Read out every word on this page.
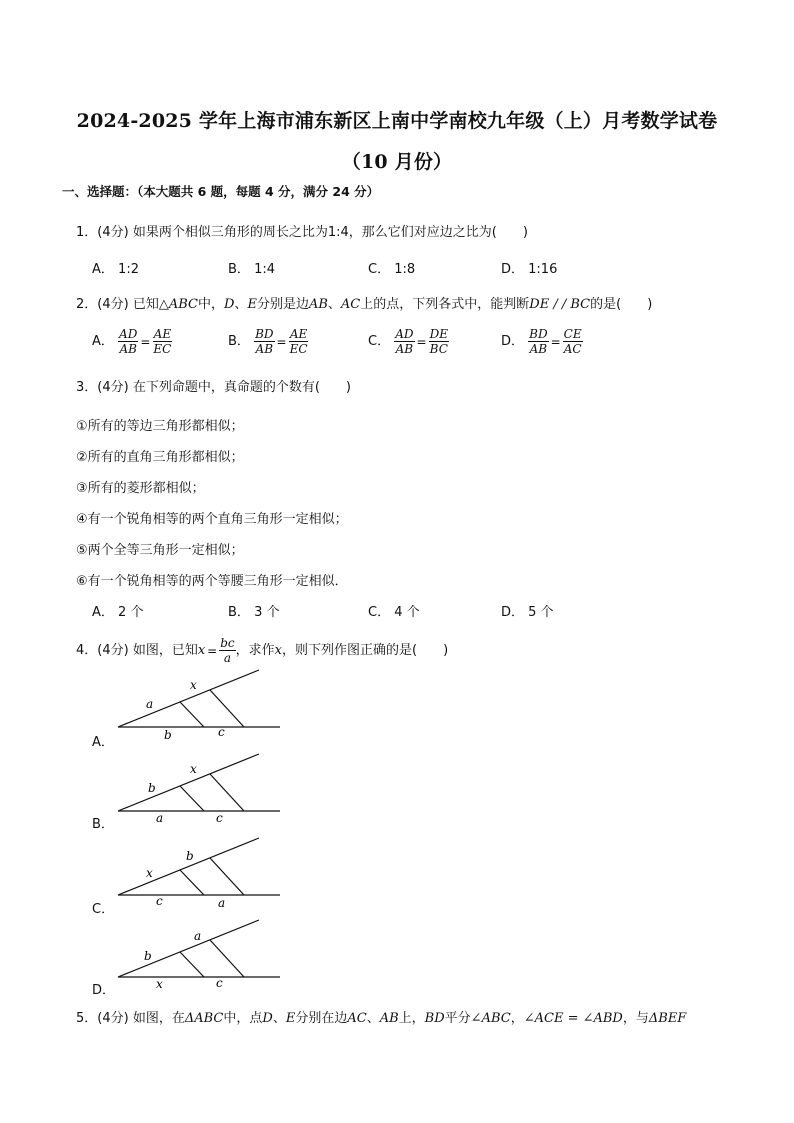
2024-2025 学年上海市浦东新区上南中学南校九年级（上）月考数学试卷
（10 月份）
一、选择题：（本大题共 6 题，每题 4 分，满分 24 分）
1．(4分) 如果两个相似三角形的周长之比为1:4，那么它们对应边之比为(　　)
A． 1:2	B． 1:4	C． 1:8	D． 1:16
2．(4分) 已知△ABC中，D、E分别是边AB、AC上的点，下列各式中，能判断DE / / BC的是(　　)
A． $\frac{AD}{AB} = \frac{AE}{EC}$	B． $\frac{BD}{AB} = \frac{AE}{EC}$	C． $\frac{AD}{AB} = \frac{DE}{BC}$	D． $\frac{BD}{AB} = \frac{CE}{AC}$
3．(4分) 在下列命题中，真命题的个数有(　　)
①所有的等边三角形都相似；
②所有的直角三角形都相似；
③所有的菱形都相似；
④有一个锐角相等的两个直角三角形一定相似；
⑤两个全等三角形一定相似；
⑥有一个锐角相等的两个等腰三角形一定相似．
A． 2 个	B． 3 个	C． 4 个	D． 5 个
4．(4分) 如图，已知$x= \frac{bc}{a}$ ，求作x，则下列作图正确的是(　　)
A．
x
a
b	c
B．
x
b
a	c
C．
b
x
c	a
D．
a
b
x	c
5．(4分) 如图，在ΔABC中，点D、E分别在边AC、AB上，BD平分∠ABC，∠ACE = ∠ABD，与ΔBEF
